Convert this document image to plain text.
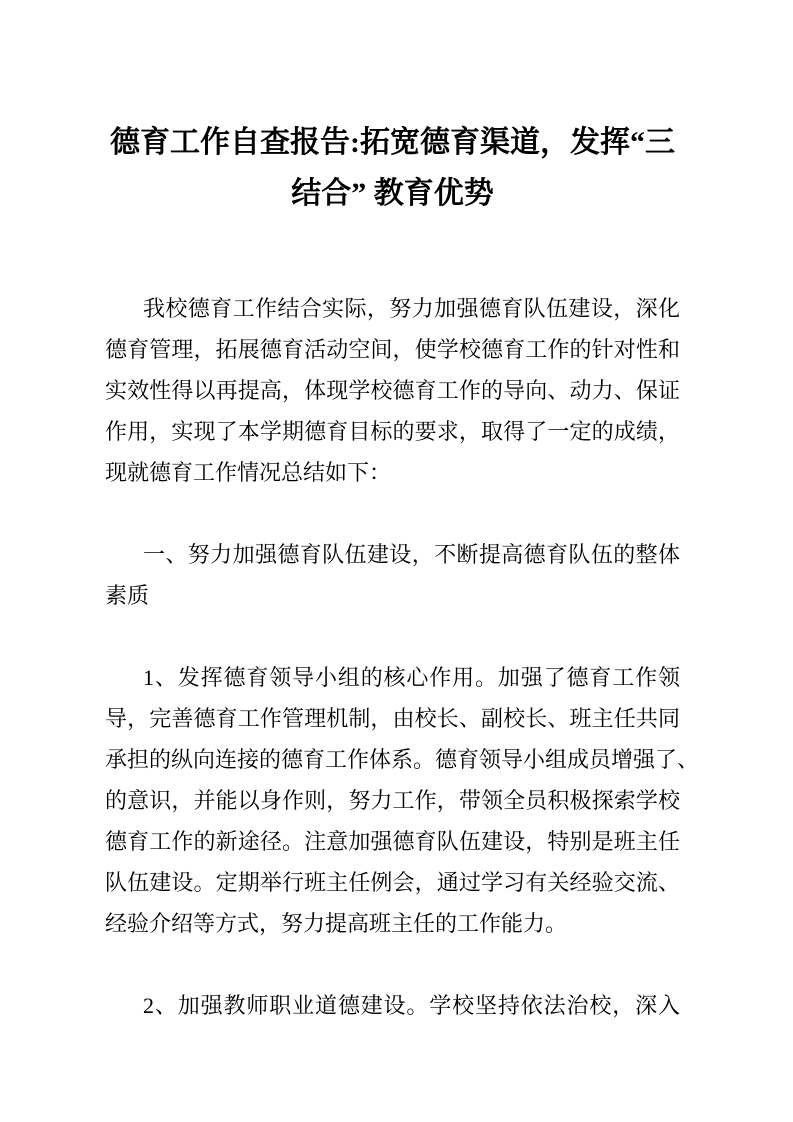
德育工作自查报告:拓宽德育渠道，发挥“三
结合” 教育优势

我校德育工作结合实际，努力加强德育队伍建设，深化
德育管理，拓展德育活动空间，使学校德育工作的针对性和
实效性得以再提高，体现学校德育工作的导向、动力、保证
作用，实现了本学期德育目标的要求，取得了一定的成绩，
现就德育工作情况总结如下：

一、努力加强德育队伍建设，不断提高德育队伍的整体
素质

1、发挥德育领导小组的核心作用。加强了德育工作领
导，完善德育工作管理机制，由校长、副校长、班主任共同
承担的纵向连接的德育工作体系。德育领导小组成员增强了、
的意识，并能以身作则，努力工作，带领全员积极探索学校
德育工作的新途径。注意加强德育队伍建设，特别是班主任
队伍建设。定期举行班主任例会，通过学习有关经验交流、
经验介绍等方式，努力提高班主任的工作能力。

2、加强教师职业道德建设。学校坚持依法治校，深入
